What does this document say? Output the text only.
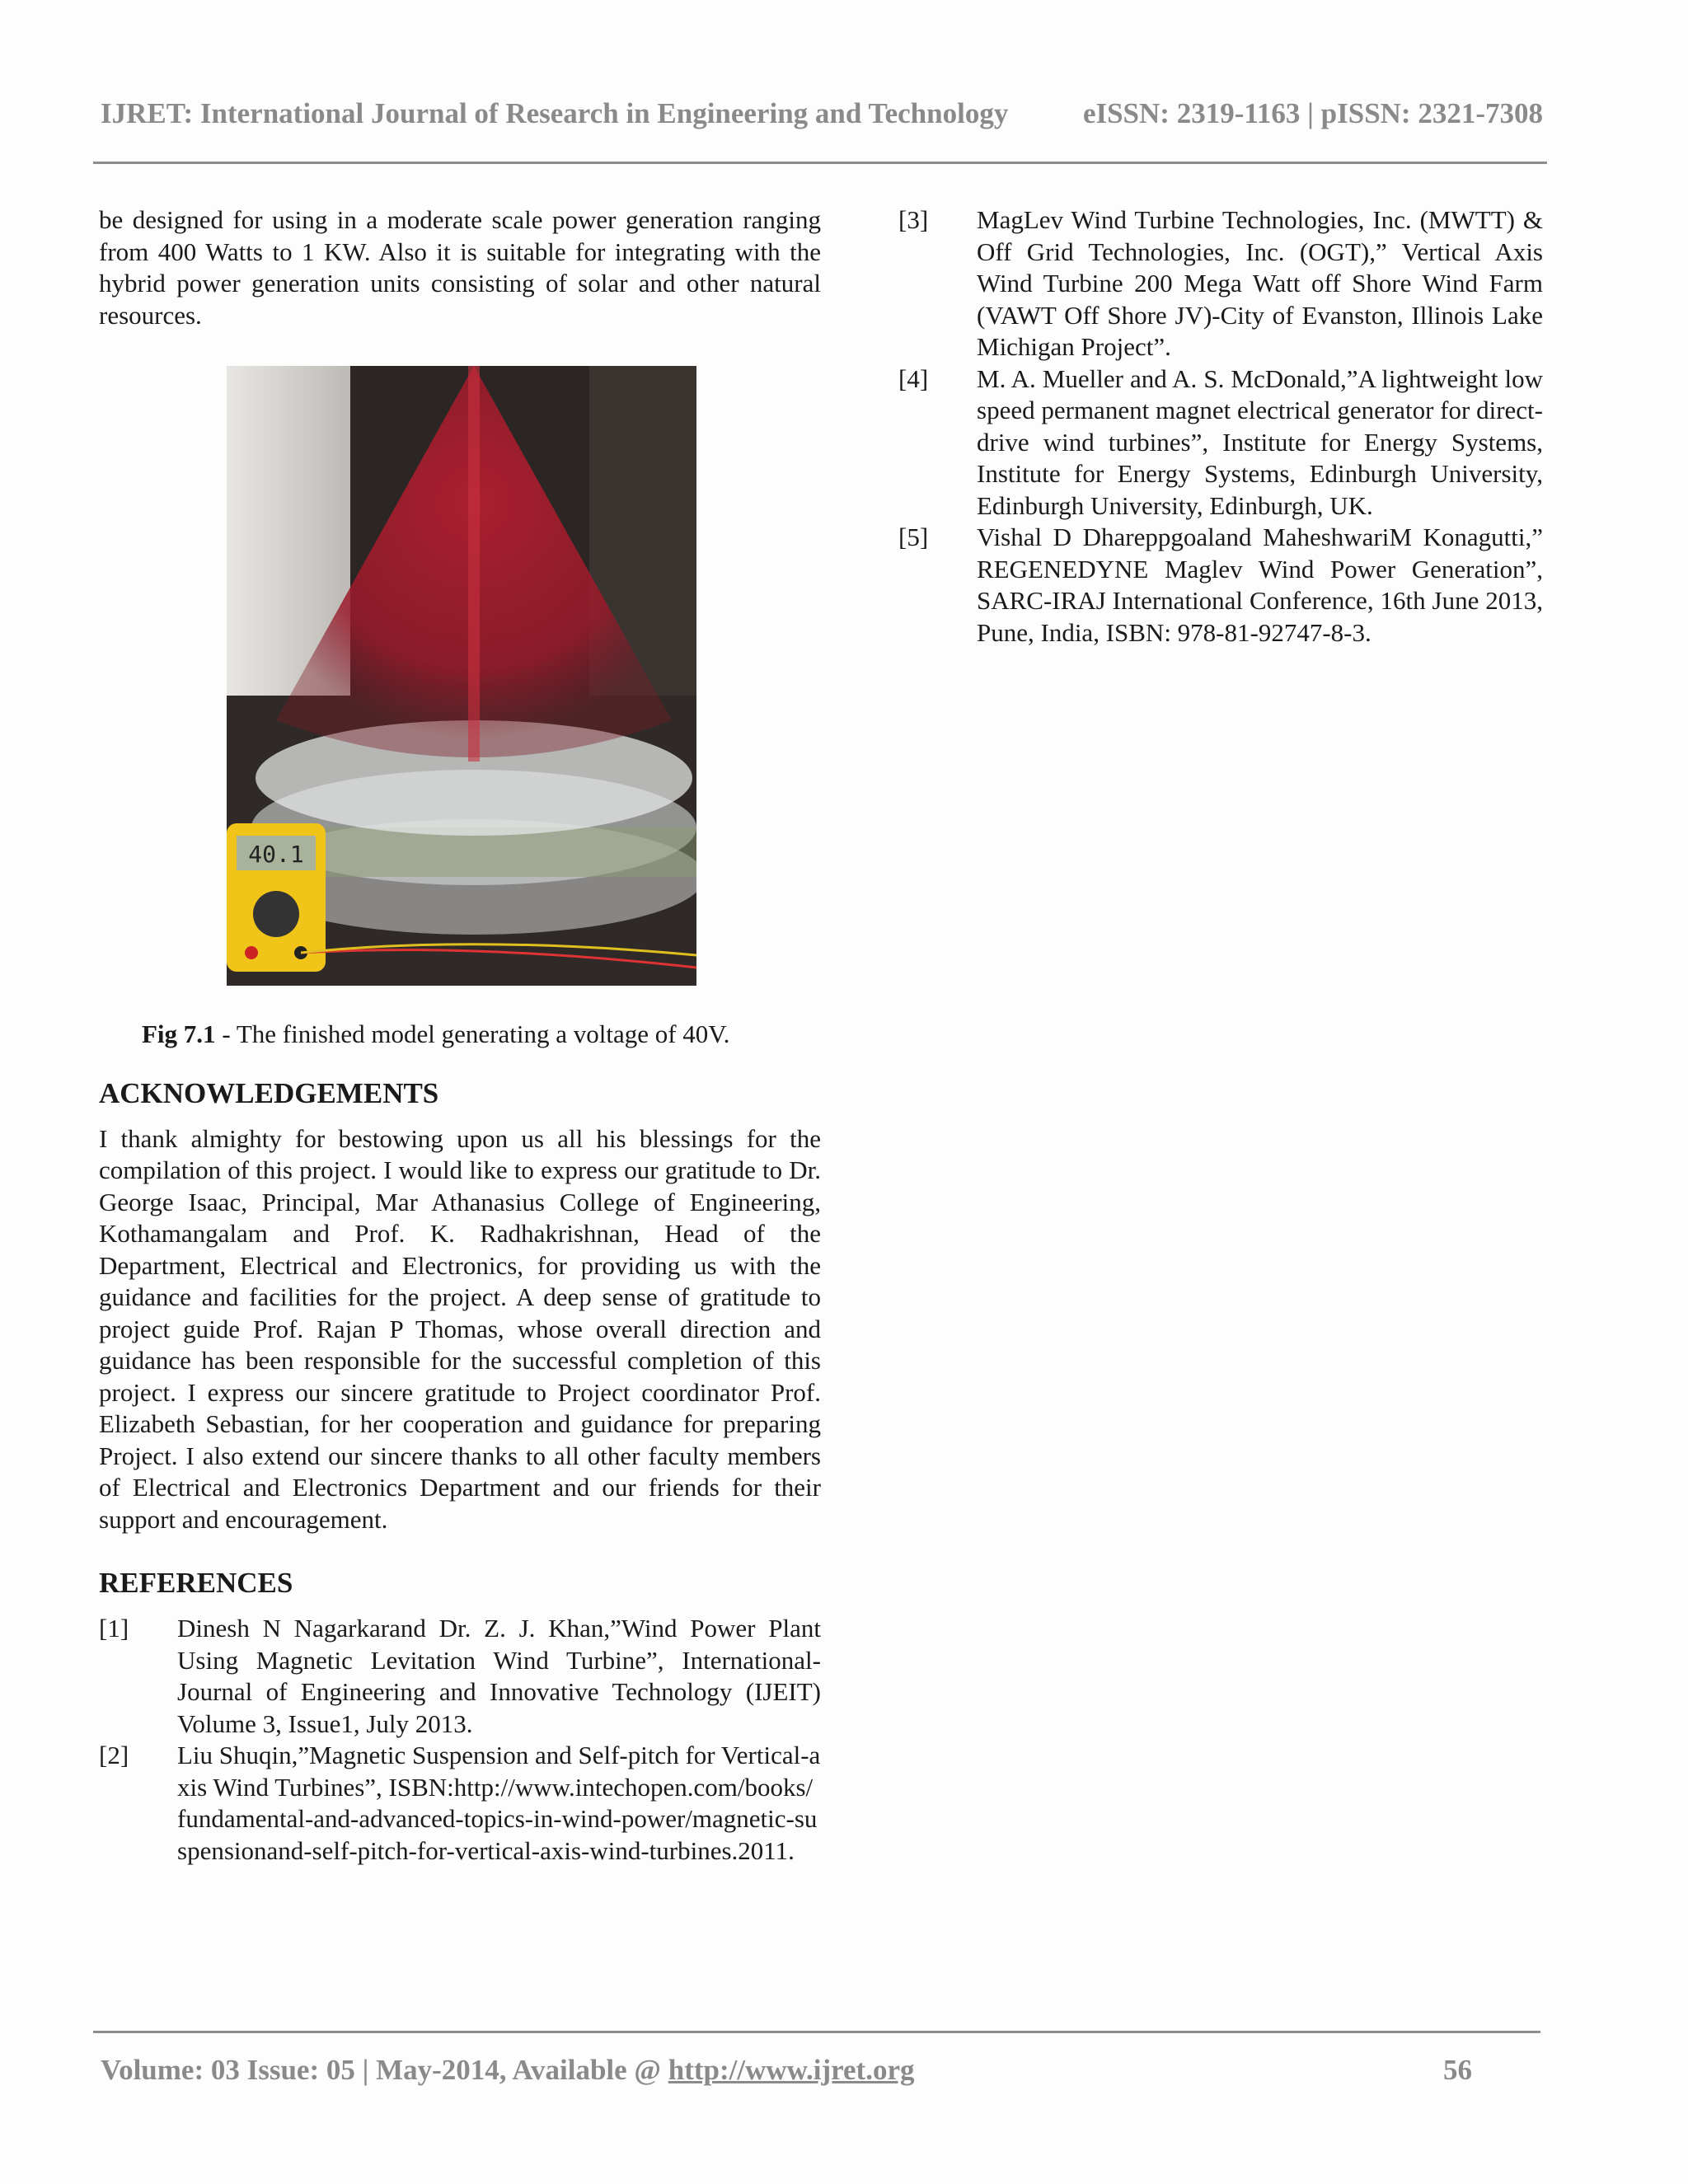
IJRET: International Journal of Research in Engineering and Technology	eISSN: 2319-1163 | pISSN: 2321-7308

be designed for using in a moderate scale power generation ranging from 400 Watts to 1 KW. Also it is suitable for integrating with the hybrid power generation units consisting of solar and other natural resources.

40.1
Fig 7.1 - The finished model generating a voltage of 40V.
ACKNOWLEDGEMENTS

I thank almighty for bestowing upon us all his blessings for the compilation of this project. I would like to express our gratitude to Dr. George Isaac, Principal, Mar Athanasius College of Engineering, Kothamangalam and Prof. K. Radhakrishnan, Head of the Department, Electrical and Electronics, for providing us with the guidance and facilities for the project. A deep sense of gratitude to project guide Prof. Rajan P Thomas, whose overall direction and guidance has been responsible for the successful completion of this project. I express our sincere gratitude to Project coordinator Prof. Elizabeth Sebastian, for her cooperation and guidance for preparing Project. I also extend our sincere thanks to all other faculty members of Electrical and Electronics Department and our friends for their support and encouragement.

REFERENCES
[1]	Dinesh N Nagarkarand Dr. Z. J. Khan,”Wind Power Plant Using Magnetic Levitation Wind Turbine”, International-Journal of Engineering and Innovative Technology (IJEIT) Volume 3, Issue1, July 2013.
[2]	Liu Shuqin,”Magnetic Suspension and Self-pitch for Vertical-axis Wind Turbines”, ISBN:http://www.intechopen.com/books/fundamental-and-advanced-topics-in-wind-power/magnetic-suspensionand-self-pitch-for-vertical-axis-wind-turbines.2011.
[3]	MagLev Wind Turbine Technologies, Inc. (MWTT) & Off Grid Technologies, Inc. (OGT),” Vertical Axis Wind Turbine 200 Mega Watt off Shore Wind Farm (VAWT Off Shore JV)-City of Evanston, Illinois Lake Michigan Project”.
[4]	M. A. Mueller and A. S. McDonald,”A lightweight low speed permanent magnet electrical generator for direct-drive wind turbines”, Institute for Energy Systems, Institute for Energy Systems, Edinburgh University, Edinburgh University, Edinburgh, UK.
[5]	Vishal D Dhareppgoaland MaheshwariM Konagutti,” REGENEDYNE Maglev Wind Power Generation”, SARC-IRAJ International Conference, 16th June 2013, Pune, India, ISBN: 978-81-92747-8-3.
Volume: 03 Issue: 05 | May-2014, Available @ http://www.ijret.org	56
